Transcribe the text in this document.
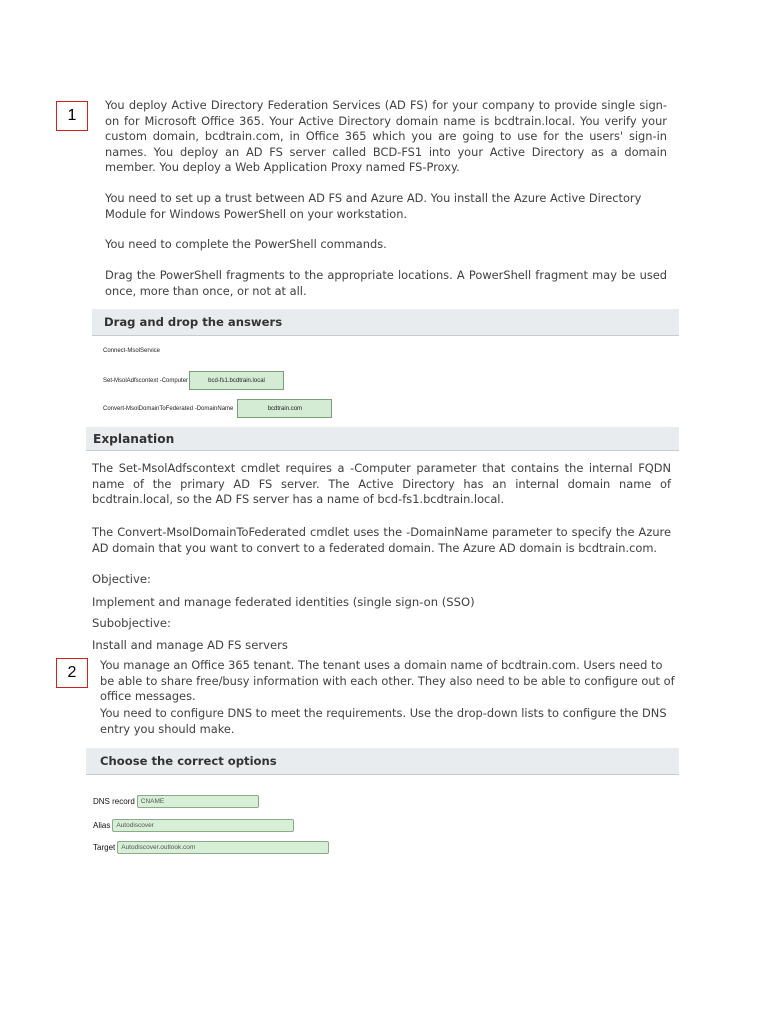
1

You deploy Active Directory Federation Services (AD FS) for your company to provide single sign-on for Microsoft Office 365. Your Active Directory domain name is bcdtrain.local. You verify your custom domain, bcdtrain.com, in Office 365 which you are going to use for the users' sign-in names. You deploy an AD FS server called BCD-FS1 into your Active Directory as a domain member. You deploy a Web Application Proxy named FS-Proxy.

You need to set up a trust between AD FS and Azure AD. You install the Azure Active Directory Module for Windows PowerShell on your workstation.

You need to complete the PowerShell commands.

Drag the PowerShell fragments to the appropriate locations. A PowerShell fragment may be used once, more than once, or not at all.

Drag and drop the answers
Connect-MsolService
Set-MsolAdfscontext -Computer	bcd-fs1.bcdtrain.local
Convert-MsolDomainToFederated -DomainName	bcdtrain.com
Explanation

The Set-MsolAdfscontext cmdlet requires a -Computer parameter that contains the internal FQDN name of the primary AD FS server. The Active Directory has an internal domain name of bcdtrain.local, so the AD FS server has a name of bcd-fs1.bcdtrain.local.

The Convert-MsolDomainToFederated cmdlet uses the -DomainName parameter to specify the Azure AD domain that you want to convert to a federated domain. The Azure AD domain is bcdtrain.com.

Objective:
Implement and manage federated identities (single sign-on (SSO)
Subobjective:
Install and manage AD FS servers
2 You manage an Office 365 tenant. The tenant uses a domain name of bcdtrain.com. Users need to be able to share free/busy information with each other. They also need to be able to configure out of office messages.

You need to configure DNS to meet the requirements. Use the drop-down lists to configure the DNS entry you should make.

Choose the correct options
DNS record CNAME
Alias Autodiscover
Target Autodiscover.outlook.com
